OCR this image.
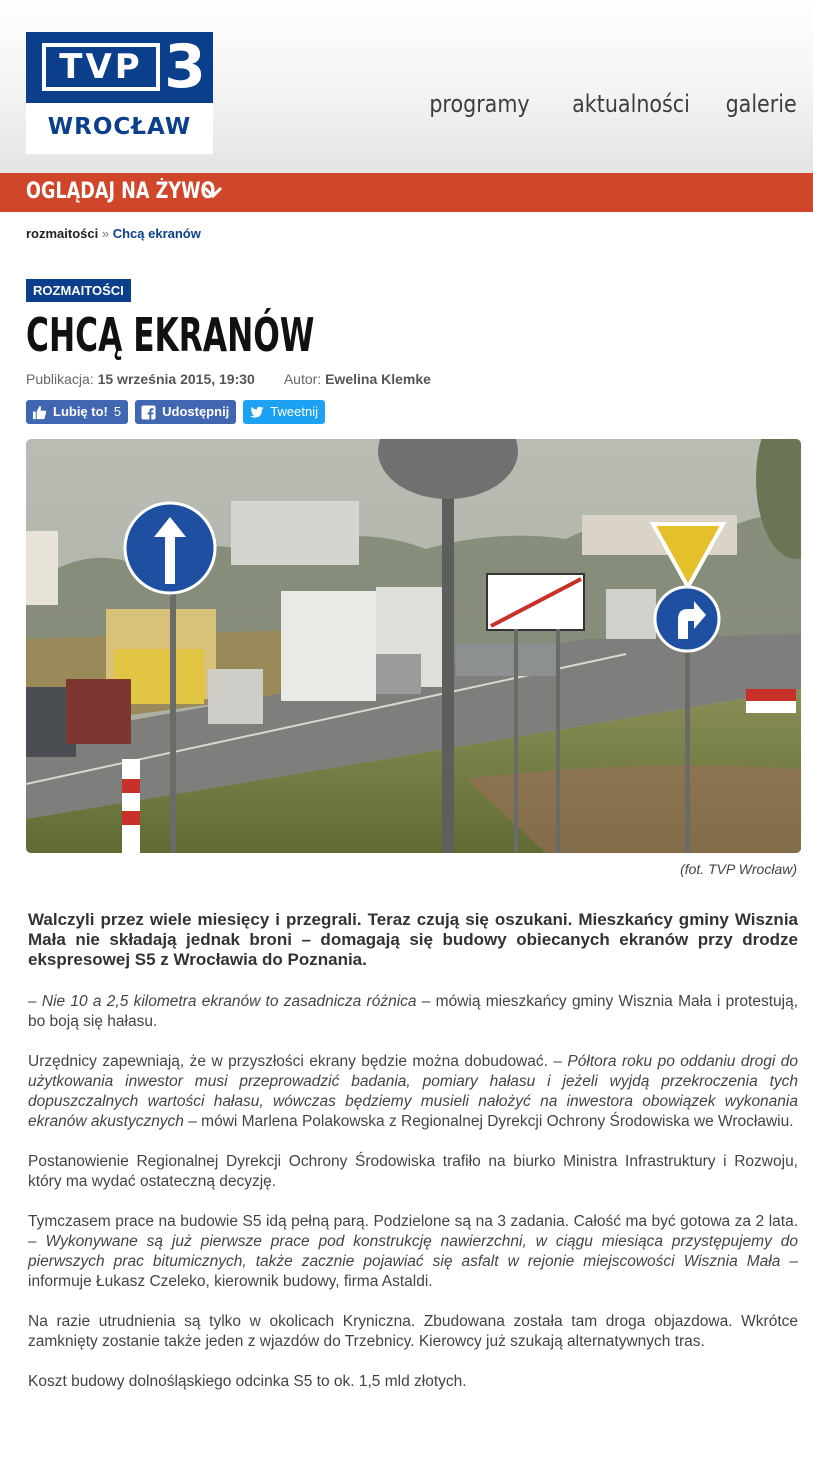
TVP 3
WROCŁAW
programy aktualności galerie
OGLĄDAJ NA ŻYWO
rozmaitości » Chcą ekranów
ROZMAITOŚCI
CHCĄ EKRANÓW
Publikacja: 15 września 2015, 19:30 Autor: Ewelina Klemke
Lubię to! 5	Udostępnij	Tweetnij
(fot. TVP Wrocław)

Walczyli przez wiele miesięcy i przegrali. Teraz czują się oszukani. Mieszkańcy gminy Wisznia Mała nie składają jednak broni – domagają się budowy obiecanych ekranów przy drodze ekspresowej S5 z Wrocławia do Poznania.

– Nie 10 a 2,5 kilometra ekranów to zasadnicza różnica – mówią mieszkańcy gminy Wisznia Mała i protestują, bo boją się hałasu.

Urzędnicy zapewniają, że w przyszłości ekrany będzie można dobudować. – Półtora roku po oddaniu drogi do użytkowania inwestor musi przeprowadzić badania, pomiary hałasu i jeżeli wyjdą przekroczenia tych dopuszczalnych wartości hałasu, wówczas będziemy musieli nałożyć na inwestora obowiązek wykonania ekranów akustycznych – mówi Marlena Polakowska z Regionalnej Dyrekcji Ochrony Środowiska we Wrocławiu.

Postanowienie Regionalnej Dyrekcji Ochrony Środowiska trafiło na biurko Ministra Infrastruktury i Rozwoju, który ma wydać ostateczną decyzję.

Tymczasem prace na budowie S5 idą pełną parą. Podzielone są na 3 zadania. Całość ma być gotowa za 2 lata. – Wykonywane są już pierwsze prace pod konstrukcję nawierzchni, w ciągu miesiąca przystępujemy do pierwszych prac bitumicznych, także zacznie pojawiać się asfalt w rejonie miejscowości Wisznia Mała – informuje Łukasz Czeleko, kierownik budowy, firma Astaldi.

Na razie utrudnienia są tylko w okolicach Kryniczna. Zbudowana została tam droga objazdowa. Wkrótce zamknięty zostanie także jeden z wjazdów do Trzebnicy. Kierowcy już szukają alternatywnych tras.

Koszt budowy dolnośląskiego odcinka S5 to ok. 1,5 mld złotych.
